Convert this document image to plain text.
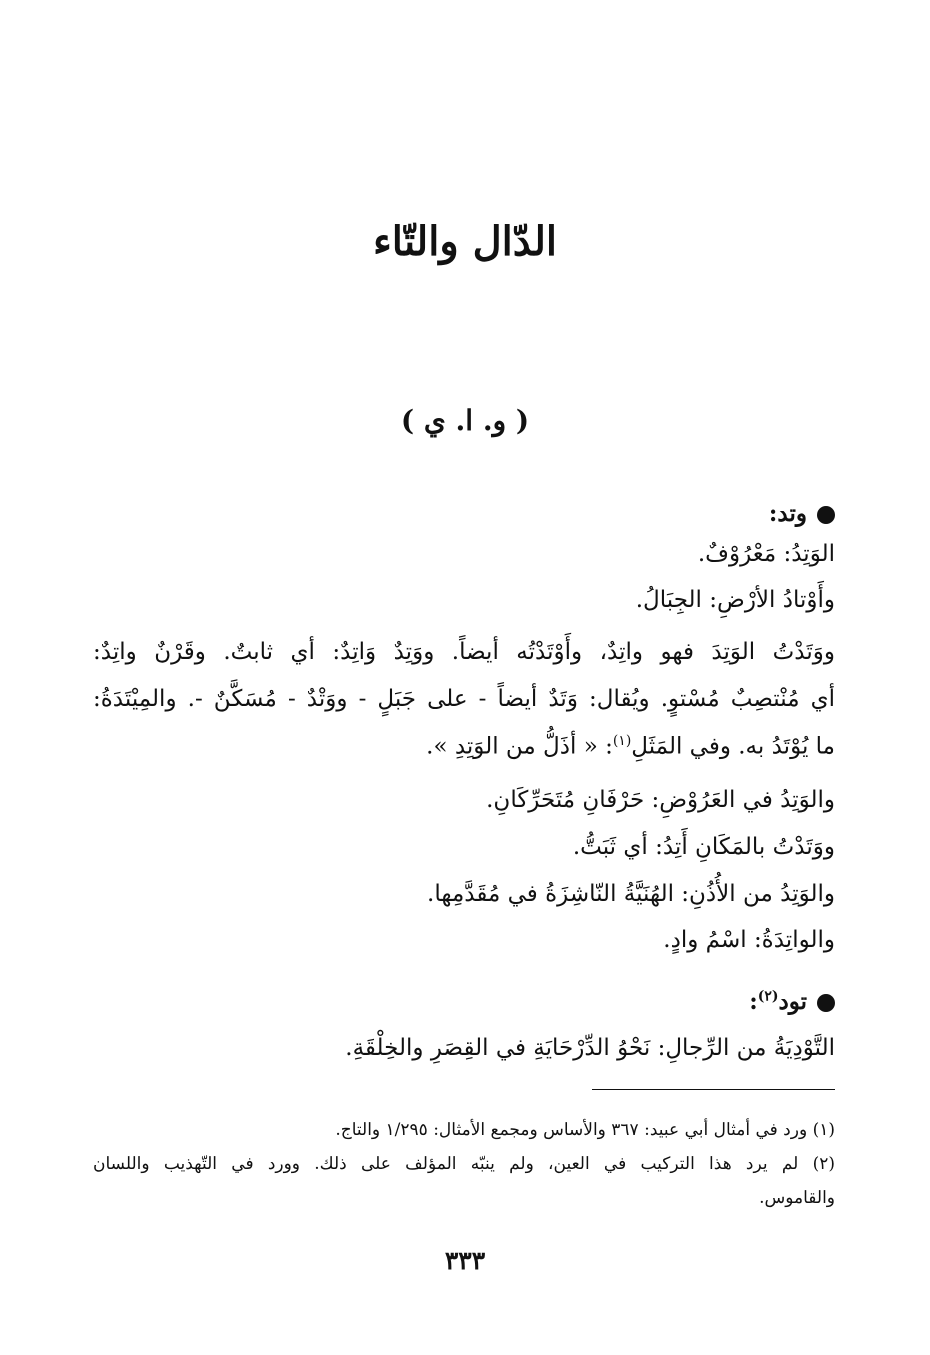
الدّال والتّاء
( و. ا. ي )
وتد:

الوَتِدُ: مَعْرُوْفٌ.

وأَوْتادُ الأرْضِ: الجِبَالُ.

ووَتَدْتُ الوَتِدَ فهو واتِدٌ، وأَوْتَدْتُه أيضاً. ووَتِدٌ وَاتِدٌ: أي ثابتٌ. وقَرْنٌ واتِدٌ:

أي مُنْتصِبٌ مُسْتوٍ. ويُقال: وَتَدٌ أيضاً - على جَبَلٍ - ووَتْدٌ - مُسَكَّنٌ -. والمِيْتَدَةُ:

ما يُوْتَدُ به. وفي المَثَلِ$^{(١)}$: « أذَلُّ من الوَتِدِ ».

والوَتِدُ في العَرُوْضِ: حَرْفَانِ مُتَحَرِّكَانِ.

ووَتَدْتُ بالمَكَانِ أَتِدُ: أي ثَبَتُّ.

والوَتِدُ من الأُذُنِ: الهُنَيَّةُ النّاشِزَةُ في مُقَدَّمِها.

والواتِدَةُ: اسْمُ وادٍ.

تود$^{(٢)}$:

التَّوْدِيَةُ من الرِّجالِ: نَحْوُ الدِّرْحَايَةِ في القِصَرِ والخِلْقَةِ.

(١) ورد في أمثال أبي عبيد: ٣٦٧ والأساس ومجمع الأمثال: ١/٢٩٥ والتاج.

(٢) لم يرد هذا التركيب في العين، ولم ينبّه المؤلف على ذلك. وورد في التّهذيب واللسان

والقاموس.

٣٣٣
